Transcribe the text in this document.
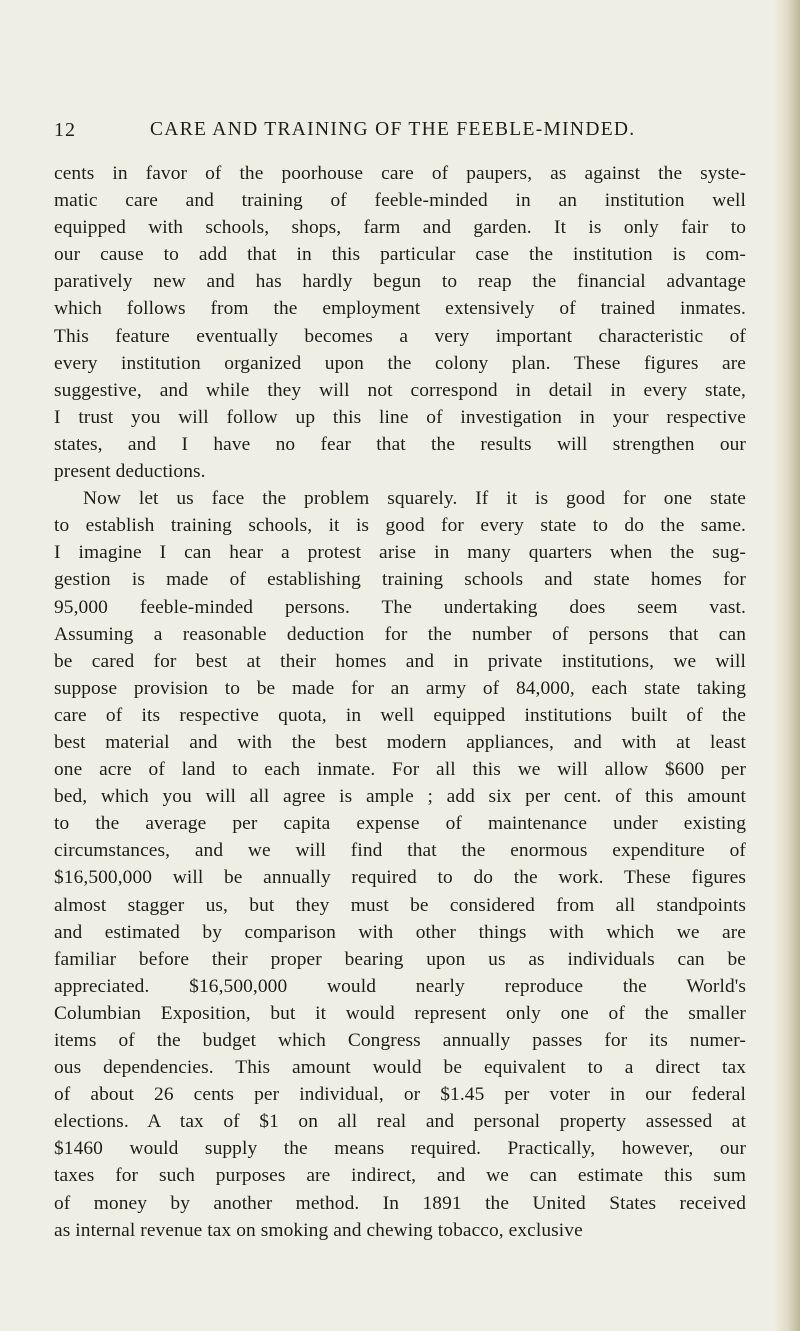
12	CARE AND TRAINING OF THE FEEBLE-MINDED.

cents in favor of the poorhouse care of paupers, as against the syste-
matic care and training of feeble-minded in an institution well
equipped with schools, shops, farm and garden. It is only fair to
our cause to add that in this particular case the institution is com-
paratively new and has hardly begun to reap the financial advantage
which follows from the employment extensively of trained inmates.
This feature eventually becomes a very important characteristic of
every institution organized upon the colony plan. These figures are
suggestive, and while they will not correspond in detail in every state,
I trust you will follow up this line of investigation in your respective
states, and I have no fear that the results will strengthen our
present deductions.

Now let us face the problem squarely. If it is good for one state
to establish training schools, it is good for every state to do the same.
I imagine I can hear a protest arise in many quarters when the sug-
gestion is made of establishing training schools and state homes for
95,000 feeble-minded persons. The undertaking does seem vast.
Assuming a reasonable deduction for the number of persons that can
be cared for best at their homes and in private institutions, we will
suppose provision to be made for an army of 84,000, each state taking
care of its respective quota, in well equipped institutions built of the
best material and with the best modern appliances, and with at least
one acre of land to each inmate. For all this we will allow $600 per
bed, which you will all agree is ample ; add six per cent. of this amount
to the average per capita expense of maintenance under existing
circumstances, and we will find that the enormous expenditure of
$16,500,000 will be annually required to do the work. These figures
almost stagger us, but they must be considered from all standpoints
and estimated by comparison with other things with which we are
familiar before their proper bearing upon us as individuals can be
appreciated. $16,500,000 would nearly reproduce the World's
Columbian Exposition, but it would represent only one of the smaller
items of the budget which Congress annually passes for its numer-
ous dependencies. This amount would be equivalent to a direct tax
of about 26 cents per individual, or $1.45 per voter in our federal
elections. A tax of $1 on all real and personal property assessed at
$1460 would supply the means required. Practically, however, our
taxes for such purposes are indirect, and we can estimate this sum
of money by another method. In 1891 the United States received
as internal revenue tax on smoking and chewing tobacco, exclusive
